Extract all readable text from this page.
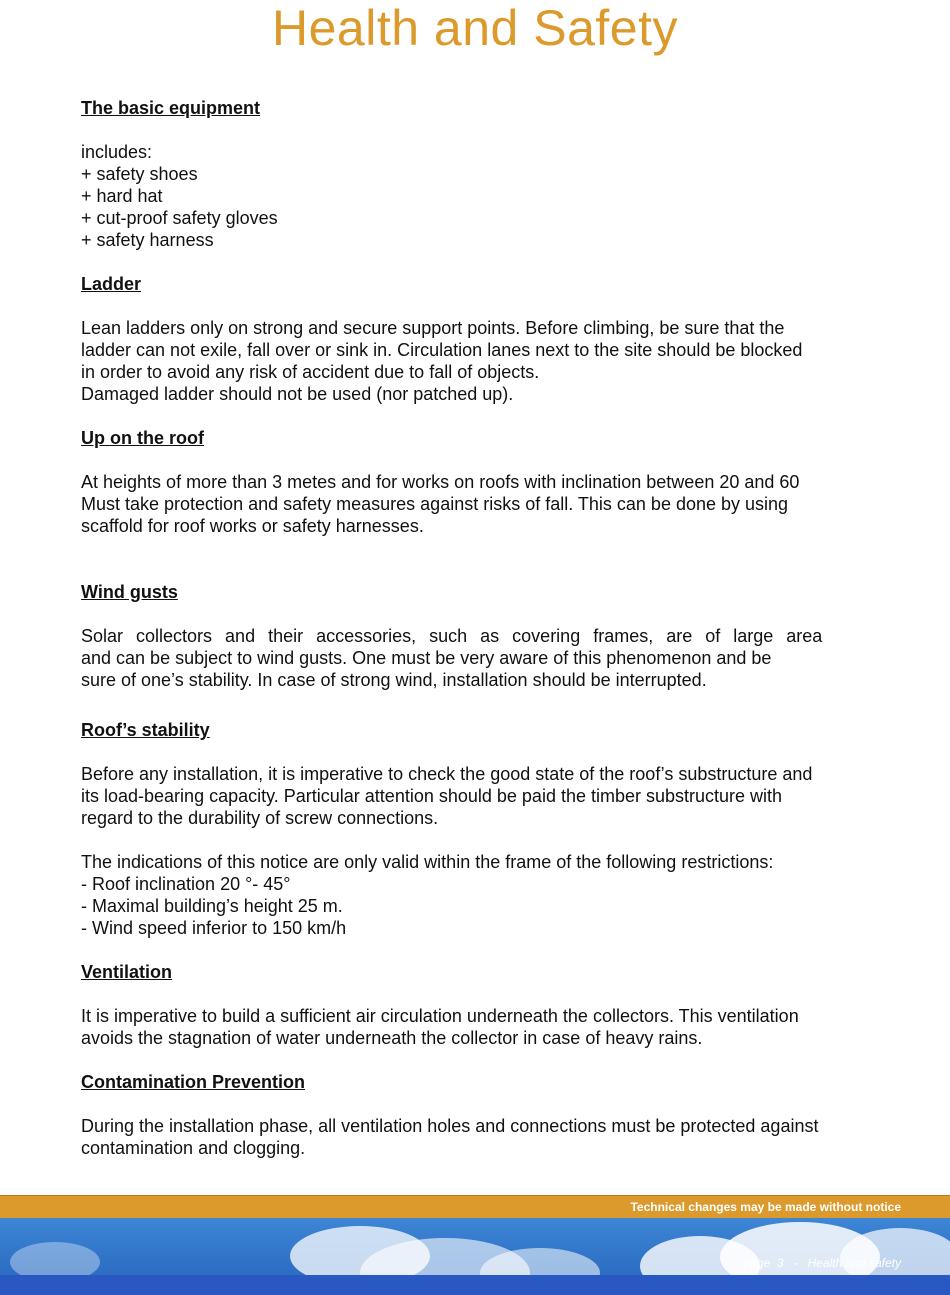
Health and Safety
The basic equipment
includes:
+ safety shoes
+ hard hat
+ cut-proof safety gloves
+ safety harness
Ladder
Lean ladders only on strong and secure support points. Before climbing, be sure that the
ladder can not exile, fall over or sink in. Circulation lanes next to the site should be blocked
in order to avoid any risk of accident due to fall of objects.
Damaged ladder should not be used (nor patched up).
Up on the roof
At heights of more than 3 metes and for works on roofs with inclination between 20 and 60
Must take protection and safety measures against risks of fall. This can be done by using
scaffold for roof works or safety harnesses.
Wind gusts
Solar collectors and their accessories, such as covering frames, are of large area
and can be subject to wind gusts. One must be very aware of this phenomenon and be
sure of one’s stability. In case of strong wind, installation should be interrupted.
Roof’s stability
Before any installation, it is imperative to check the good state of the roof’s substructure and
its load-bearing capacity. Particular attention should be paid the timber substructure with
regard to the durability of screw connections.
The indications of this notice are only valid within the frame of the following restrictions:
- Roof inclination 20 °- 45°
- Maximal building’s height 25 m.
- Wind speed inferior to 150 km/h
Ventilation
It is imperative to build a sufficient air circulation underneath the collectors. This ventilation
avoids the stagnation of water underneath the collector in case of heavy rains.
Contamination Prevention
During the installation phase, all ventilation holes and connections must be protected against
contamination and clogging.
Technical changes may be made without notice
page  3   -   Health and safety
